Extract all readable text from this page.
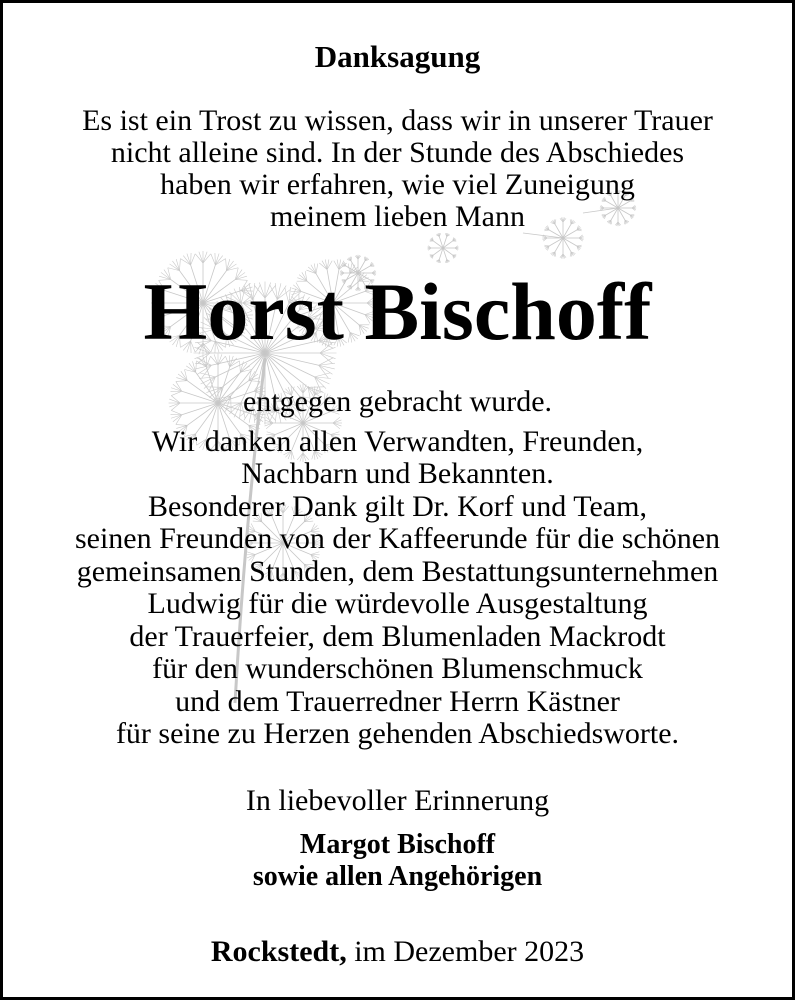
Danksagung
Es ist ein Trost zu wissen, dass wir in unserer Trauer
nicht alleine sind. In der Stunde des Abschiedes
haben wir erfahren, wie viel Zuneigung
meinem lieben Mann
Horst Bischoff
entgegen gebracht wurde.
Wir danken allen Verwandten, Freunden,
Nachbarn und Bekannten.
Besonderer Dank gilt Dr. Korf und Team,
seinen Freunden von der Kaffeerunde für die schönen
gemeinsamen Stunden, dem Bestattungsunternehmen
Ludwig für die würdevolle Ausgestaltung
der Trauerfeier, dem Blumenladen Mackrodt
für den wunderschönen Blumenschmuck
und dem Trauerredner Herrn Kästner
für seine zu Herzen gehenden Abschiedsworte.
In liebevoller Erinnerung
Margot Bischoff
sowie allen Angehörigen
Rockstedt, im Dezember 2023
